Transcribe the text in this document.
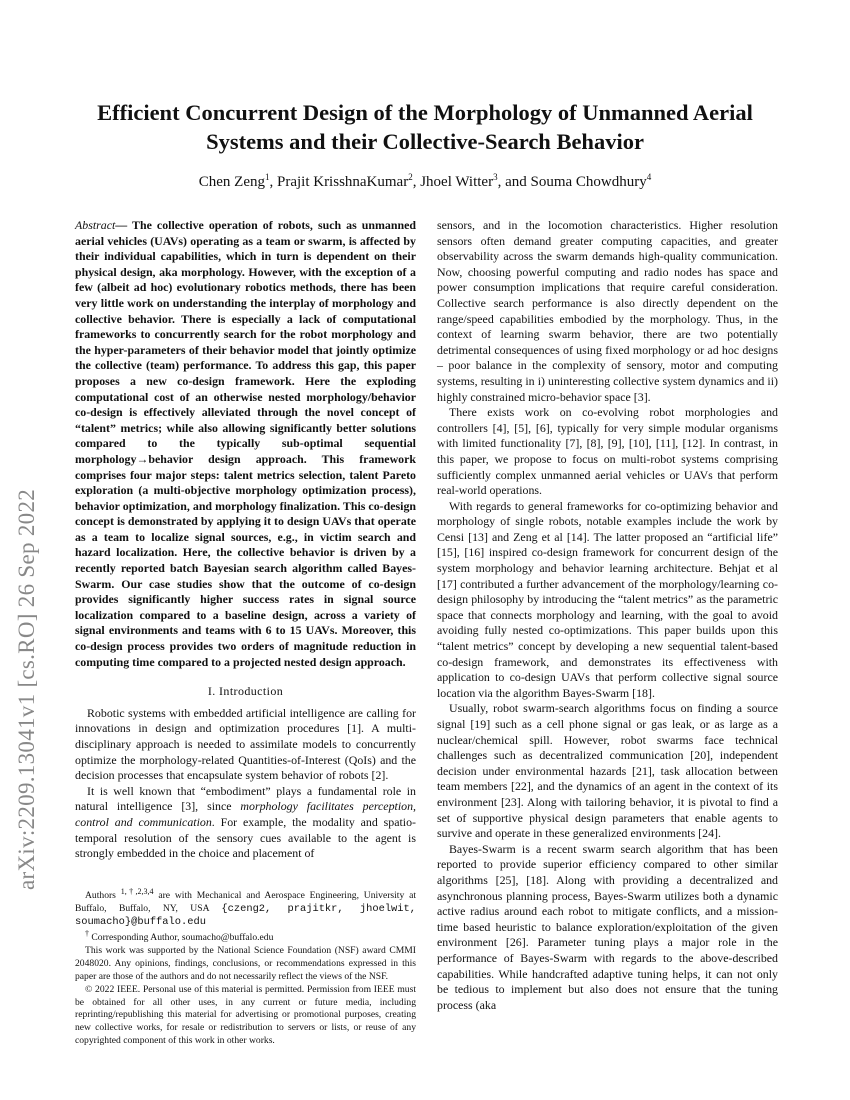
arXiv:2209.13041v1 [cs.RO] 26 Sep 2022
Efficient Concurrent Design of the Morphology of Unmanned Aerial
Systems and their Collective-Search Behavior

Chen Zeng$^1$, Prajit KrisshnaKumar$^2$, Jhoel Witter$^3$, and Souma Chowdhury$^4$

Abstract— The collective operation of robots, such as unmanned aerial vehicles (UAVs) operating as a team or swarm, is affected by their individual capabilities, which in turn is dependent on their physical design, aka morphology. However, with the exception of a few (albeit ad hoc) evolutionary robotics methods, there has been very little work on understanding the interplay of morphology and collective behavior. There is especially a lack of computational frameworks to concurrently search for the robot morphology and the hyper-parameters of their behavior model that jointly optimize the collective (team) performance. To address this gap, this paper proposes a new co-design framework. Here the exploding computational cost of an otherwise nested morphology/behavior co-design is effectively alleviated through the novel concept of “talent” metrics; while also allowing significantly better solutions compared to the typically sub-optimal sequential morphology→behavior design approach. This framework comprises four major steps: talent metrics selection, talent Pareto exploration (a multi-objective morphology optimization process), behavior optimization, and morphology finalization. This co-design concept is demonstrated by applying it to design UAVs that operate as a team to localize signal sources, e.g., in victim search and hazard localization. Here, the collective behavior is driven by a recently reported batch Bayesian search algorithm called Bayes-Swarm. Our case studies show that the outcome of co-design provides significantly higher success rates in signal source localization compared to a baseline design, across a variety of signal environments and teams with 6 to 15 UAVs. Moreover, this co-design process provides two orders of magnitude reduction in computing time compared to a projected nested design approach.

I. Introduction

Robotic systems with embedded artificial intelligence are calling for innovations in design and optimization procedures [1]. A multi-disciplinary approach is needed to assimilate models to concurrently optimize the morphology-related Quantities-of-Interest (QoIs) and the decision processes that encapsulate system behavior of robots [2].

It is well known that “embodiment” plays a fundamental role in natural intelligence [3], since morphology facilitates perception, control and communication. For example, the modality and spatio-temporal resolution of the sensory cues available to the agent is strongly embedded in the choice and placement of

Authors $^{1,\dagger,2,3,4}$ are with Mechanical and Aerospace Engineering, University at Buffalo, Buffalo, NY, USA {czeng2, prajitkr, jhoelwit, soumacho}@buffalo.edu

† Corresponding Author, soumacho@buffalo.edu

This work was supported by the National Science Foundation (NSF) award CMMI 2048020. Any opinions, findings, conclusions, or recommendations expressed in this paper are those of the authors and do not necessarily reflect the views of the NSF.

© 2022 IEEE. Personal use of this material is permitted. Permission from IEEE must be obtained for all other uses, in any current or future media, including reprinting/republishing this material for advertising or promotional purposes, creating new collective works, for resale or redistribution to servers or lists, or reuse of any copyrighted component of this work in other works.

sensors, and in the locomotion characteristics. Higher resolution sensors often demand greater computing capacities, and greater observability across the swarm demands high-quality communication. Now, choosing powerful computing and radio nodes has space and power consumption implications that require careful consideration. Collective search performance is also directly dependent on the range/speed capabilities embodied by the morphology. Thus, in the context of learning swarm behavior, there are two potentially detrimental consequences of using fixed morphology or ad hoc designs – poor balance in the complexity of sensory, motor and computing systems, resulting in i) uninteresting collective system dynamics and ii) highly constrained micro-behavior space [3].

There exists work on co-evolving robot morphologies and controllers [4], [5], [6], typically for very simple modular organisms with limited functionality [7], [8], [9], [10], [11], [12]. In contrast, in this paper, we propose to focus on multi-robot systems comprising sufficiently complex unmanned aerial vehicles or UAVs that perform real-world operations.

With regards to general frameworks for co-optimizing behavior and morphology of single robots, notable examples include the work by Censi [13] and Zeng et al [14]. The latter proposed an “artificial life” [15], [16] inspired co-design framework for concurrent design of the system morphology and behavior learning architecture. Behjat et al [17] contributed a further advancement of the morphology/learning co-design philosophy by introducing the “talent metrics” as the parametric space that connects morphology and learning, with the goal to avoid avoiding fully nested co-optimizations. This paper builds upon this “talent metrics” concept by developing a new sequential talent-based co-design framework, and demonstrates its effectiveness with application to co-design UAVs that perform collective signal source location via the algorithm Bayes-Swarm [18].

Usually, robot swarm-search algorithms focus on finding a source signal [19] such as a cell phone signal or gas leak, or as large as a nuclear/chemical spill. However, robot swarms face technical challenges such as decentralized communication [20], independent decision under environmental hazards [21], task allocation between team members [22], and the dynamics of an agent in the context of its environment [23]. Along with tailoring behavior, it is pivotal to find a set of supportive physical design parameters that enable agents to survive and operate in these generalized environments [24].

Bayes-Swarm is a recent swarm search algorithm that has been reported to provide superior efficiency compared to other similar algorithms [25], [18]. Along with providing a decentralized and asynchronous planning process, Bayes-Swarm utilizes both a dynamic active radius around each robot to mitigate conflicts, and a mission-time based heuristic to balance exploration/exploitation of the given environment [26]. Parameter tuning plays a major role in the performance of Bayes-Swarm with regards to the above-described capabilities. While handcrafted adaptive tuning helps, it can not only be tedious to implement but also does not ensure that the tuning process (aka
